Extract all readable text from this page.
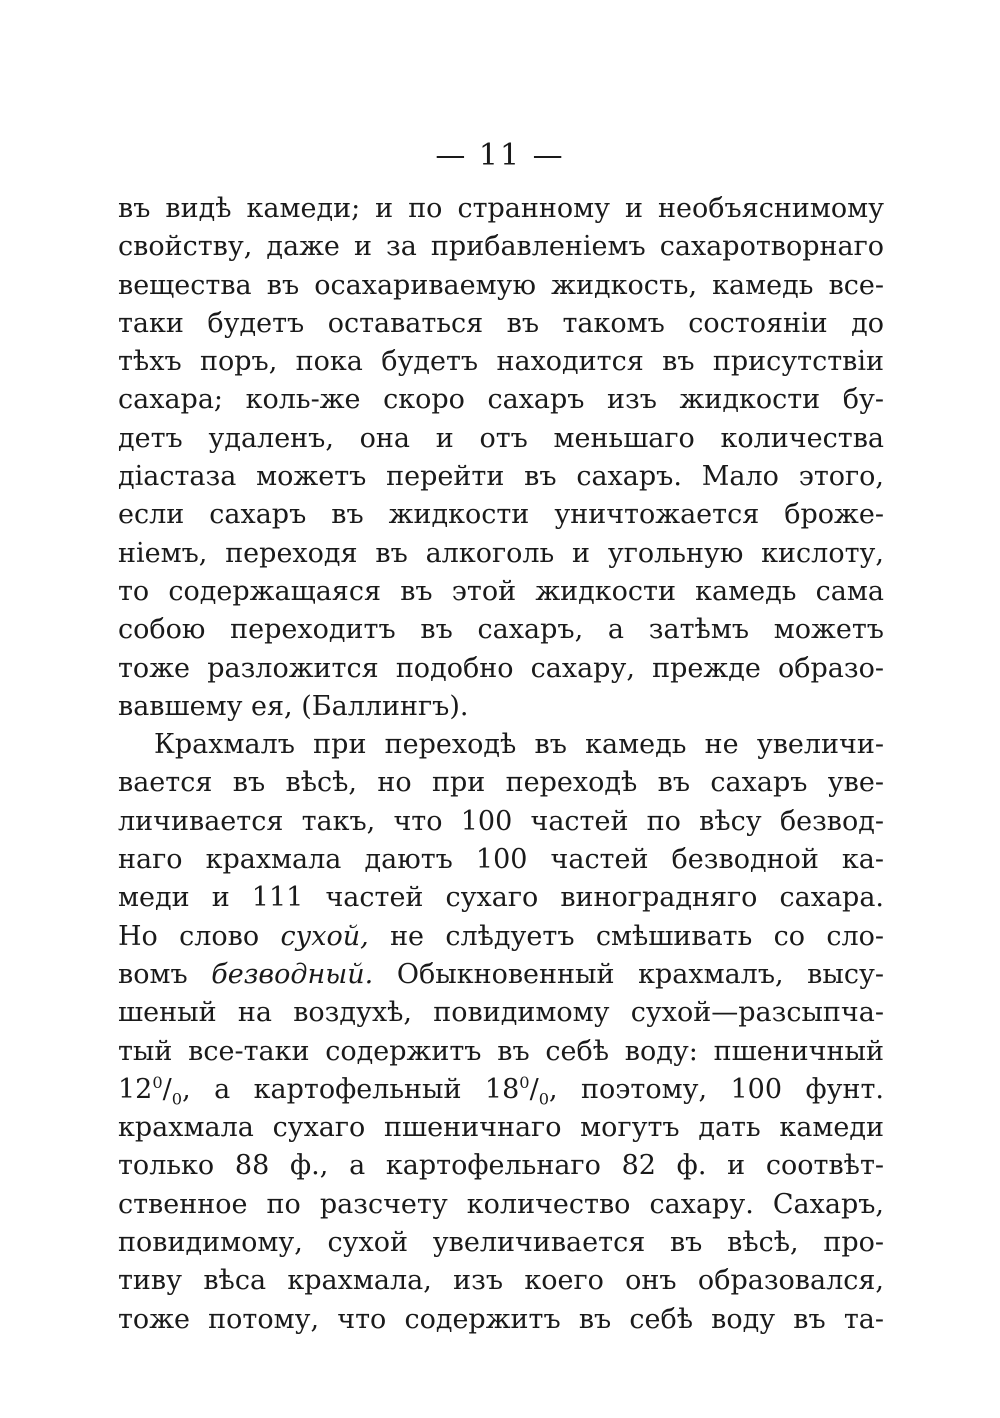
— 11 —
въ видѣ камеди; и по странному и необъяснимому
свойству, даже и за прибавленіемъ сахаротворнаго
вещества въ осахариваемую жидкость, камедь все-
таки будетъ оставаться въ такомъ состояніи до
тѣхъ поръ, пока будетъ находится въ присутствіи
сахара; коль-же скоро сахаръ изъ жидкости бу-
детъ удаленъ, она и отъ меньшаго количества
діастаза можетъ перейти въ сахаръ. Мало этого,
если сахаръ въ жидкости уничтожается броже-
ніемъ, переходя въ алкоголь и угольную кислоту,
то содержащаяся въ этой жидкости камедь сама
собою переходитъ въ сахаръ, а затѣмъ можетъ
тоже разложится подобно сахару, прежде образо-
вавшему ея, (Баллингъ).
Крахмалъ при переходѣ въ камедь не увеличи-
вается въ вѣсѣ, но при переходѣ въ сахаръ уве-
личивается такъ, что 100 частей по вѣсу безвод-
наго крахмала даютъ 100 частей безводной ка-
меди и 111 частей сухаго виноградняго сахара.
Но слово сухой, не слѣдуетъ смѣшивать со сло-
вомъ безводный. Обыкновенный крахмалъ, высу-
шеный на воздухѣ, повидимому сухой—разсыпча-
тый все-таки содержитъ въ себѣ воду: пшеничный
$12^0/_0$, а картофельный $18^0/_0$, поэтому, 100 фунт.
крахмала сухаго пшеничнаго могутъ дать камеди
только 88 ф., а картофельнаго 82 ф. и соотвѣт-
ственное по разсчету количество сахару. Сахаръ,
повидимому, сухой увеличивается въ вѣсѣ, про-
тиву вѣса крахмала, изъ коего онъ образовался,
тоже потому, что содержитъ въ себѣ воду въ та-
